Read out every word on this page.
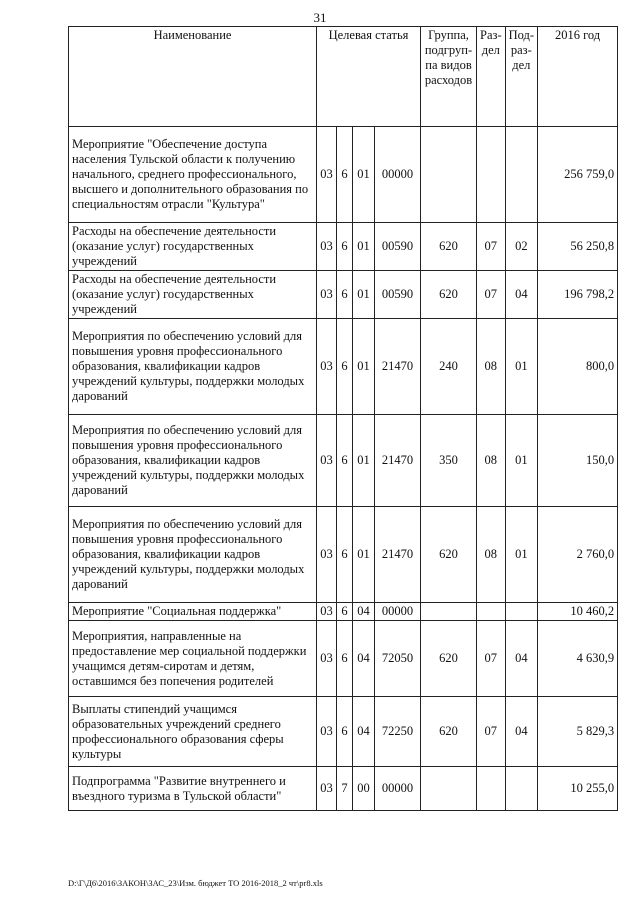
31
Наименование	Целевая статья				Группа, подгруп- па видов расходов	Раз- дел	Под- раз- дел	2016 год
Мероприятие "Обеспечение доступа населения Тульской области к получению начального, среднего профессионального, высшего и дополнительного образования по специальностям отрасли "Культура"	03	6	01	00000				256 759,0
Расходы на обеспечение деятельности (оказание услуг) государственных учреждений	03	6	01	00590	620	07	02	56 250,8
Расходы на обеспечение деятельности (оказание услуг) государственных учреждений	03	6	01	00590	620	07	04	196 798,2
Мероприятия по обеспечению условий для повышения уровня профессионального образования, квалификации кадров учреждений культуры, поддержки молодых дарований	03	6	01	21470	240	08	01	800,0
Мероприятия по обеспечению условий для повышения уровня профессионального образования, квалификации кадров учреждений культуры, поддержки молодых дарований	03	6	01	21470	350	08	01	150,0
Мероприятия по обеспечению условий для повышения уровня профессионального образования, квалификации кадров учреждений культуры, поддержки молодых дарований	03	6	01	21470	620	08	01	2 760,0
Мероприятие "Социальная поддержка"	03	6	04	00000				10 460,2
Мероприятия, направленные на предоставление мер социальной поддержки учащимся детям-сиротам и детям, оставшимся без попечения родителей	03	6	04	72050	620	07	04	4 630,9
Выплаты стипендий учащимся образовательных учреждений среднего профессионального образования сферы культуры	03	6	04	72250	620	07	04	5 829,3
Подпрограмма "Развитие внутреннего и въездного туризма в Тульской области"	03	7	00	00000				10 255,0
D:\Г\Д6\2016\ЗАКОН\ЗАС_23\Изм. бюджет ТО 2016-2018_2 чт\pr8.xls
